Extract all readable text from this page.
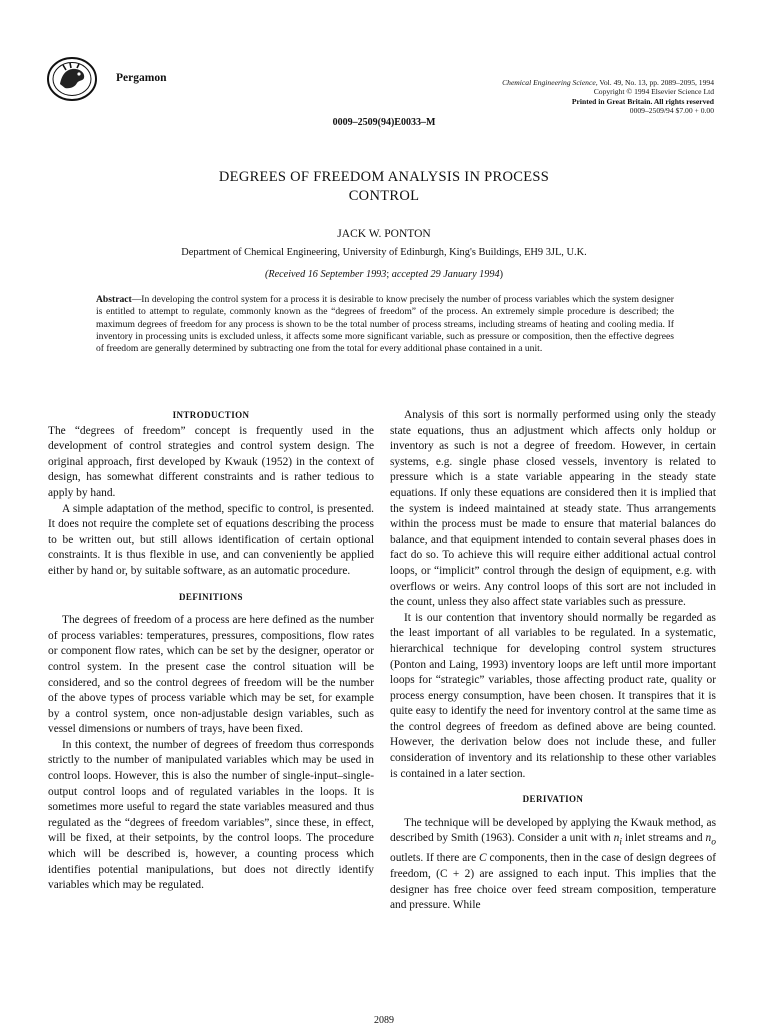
Pergamon	Chemical Engineering Science, Vol. 49, No. 13, pp. 2089–2095, 1994
Copyright © 1994 Elsevier Science Ltd
Printed in Great Britain. All rights reserved
0009–2509/94 $7.00 + 0.00
0009–2509(94)E0033–M
DEGREES OF FREEDOM ANALYSIS IN PROCESS
CONTROL
JACK W. PONTON
Department of Chemical Engineering, University of Edinburgh, King's Buildings, EH9 3JL, U.K.
(Received 16 September 1993; accepted 29 January 1994)
Abstract—In developing the control system for a process it is desirable to know precisely the number of process variables which the system designer is entitled to attempt to regulate, commonly known as the “degrees of freedom” of the process. An extremely simple procedure is described; the maximum degrees of freedom for any process is shown to be the total number of process streams, including streams of heating and cooling media. If inventory in processing units is excluded unless, it affects some more significant variable, such as pressure or composition, then the effective degrees of freedom are generally determined by subtracting one from the total for every additional phase contained in a unit.
INTRODUCTION

The “degrees of freedom” concept is frequently used in the development of control strategies and control system design. The original approach, first developed by Kwauk (1952) in the context of design, has somewhat different constraints and is rather tedious to apply by hand.

A simple adaptation of the method, specific to control, is presented. It does not require the complete set of equations describing the process to be written out, but still allows identification of certain optional constraints. It is thus flexible in use, and can conveniently be applied either by hand or, by suitable software, as an automatic procedure.

DEFINITIONS

The degrees of freedom of a process are here defined as the number of process variables: temperatures, pressures, compositions, flow rates or component flow rates, which can be set by the designer, operator or control system. In the present case the control situation will be considered, and so the control degrees of freedom will be the number of the above types of process variable which may be set, for example by a control system, once non-adjustable design variables, such as vessel dimensions or numbers of trays, have been fixed.

In this context, the number of degrees of freedom thus corresponds strictly to the number of manipulated variables which may be used in control loops. However, this is also the number of single-input–single-output control loops and of regulated variables in the loops. It is sometimes more useful to regard the state variables measured and thus regulated as the “degrees of freedom variables”, since these, in effect, will be fixed, at their setpoints, by the control loops. The procedure which will be described is, however, a counting process which identifies potential manipulations, but does not directly identify variables which may be regulated.

Analysis of this sort is normally performed using only the steady state equations, thus an adjustment which affects only holdup or inventory as such is not a degree of freedom. However, in certain systems, e.g. single phase closed vessels, inventory is related to pressure which is a state variable appearing in the steady state equations. If only these equations are considered then it is implied that the system is indeed maintained at steady state. Thus arrangements within the process must be made to ensure that material balances do balance, and that equipment intended to contain several phases does in fact do so. To achieve this will require either additional actual control loops, or “implicit” control through the design of equipment, e.g. with overflows or weirs. Any control loops of this sort are not included in the count, unless they also affect state variables such as pressure.

It is our contention that inventory should normally be regarded as the least important of all variables to be regulated. In a systematic, hierarchical technique for developing control system structures (Ponton and Laing, 1993) inventory loops are left until more important loops for “strategic” variables, those affecting product rate, quality or process energy consumption, have been chosen. It transpires that it is quite easy to identify the need for inventory control at the same time as the control degrees of freedom as defined above are being counted. However, the derivation below does not include these, and fuller consideration of inventory and its relationship to these other variables is contained in a later section.

DERIVATION

The technique will be developed by applying the Kwauk method, as described by Smith (1963). Consider a unit with $n_i$ inlet streams and $n_o$ outlets. If there are C components, then in the case of design degrees of freedom, (C + 2) are assigned to each input. This implies that the designer has free choice over feed stream composition, temperature and pressure. While

2089
